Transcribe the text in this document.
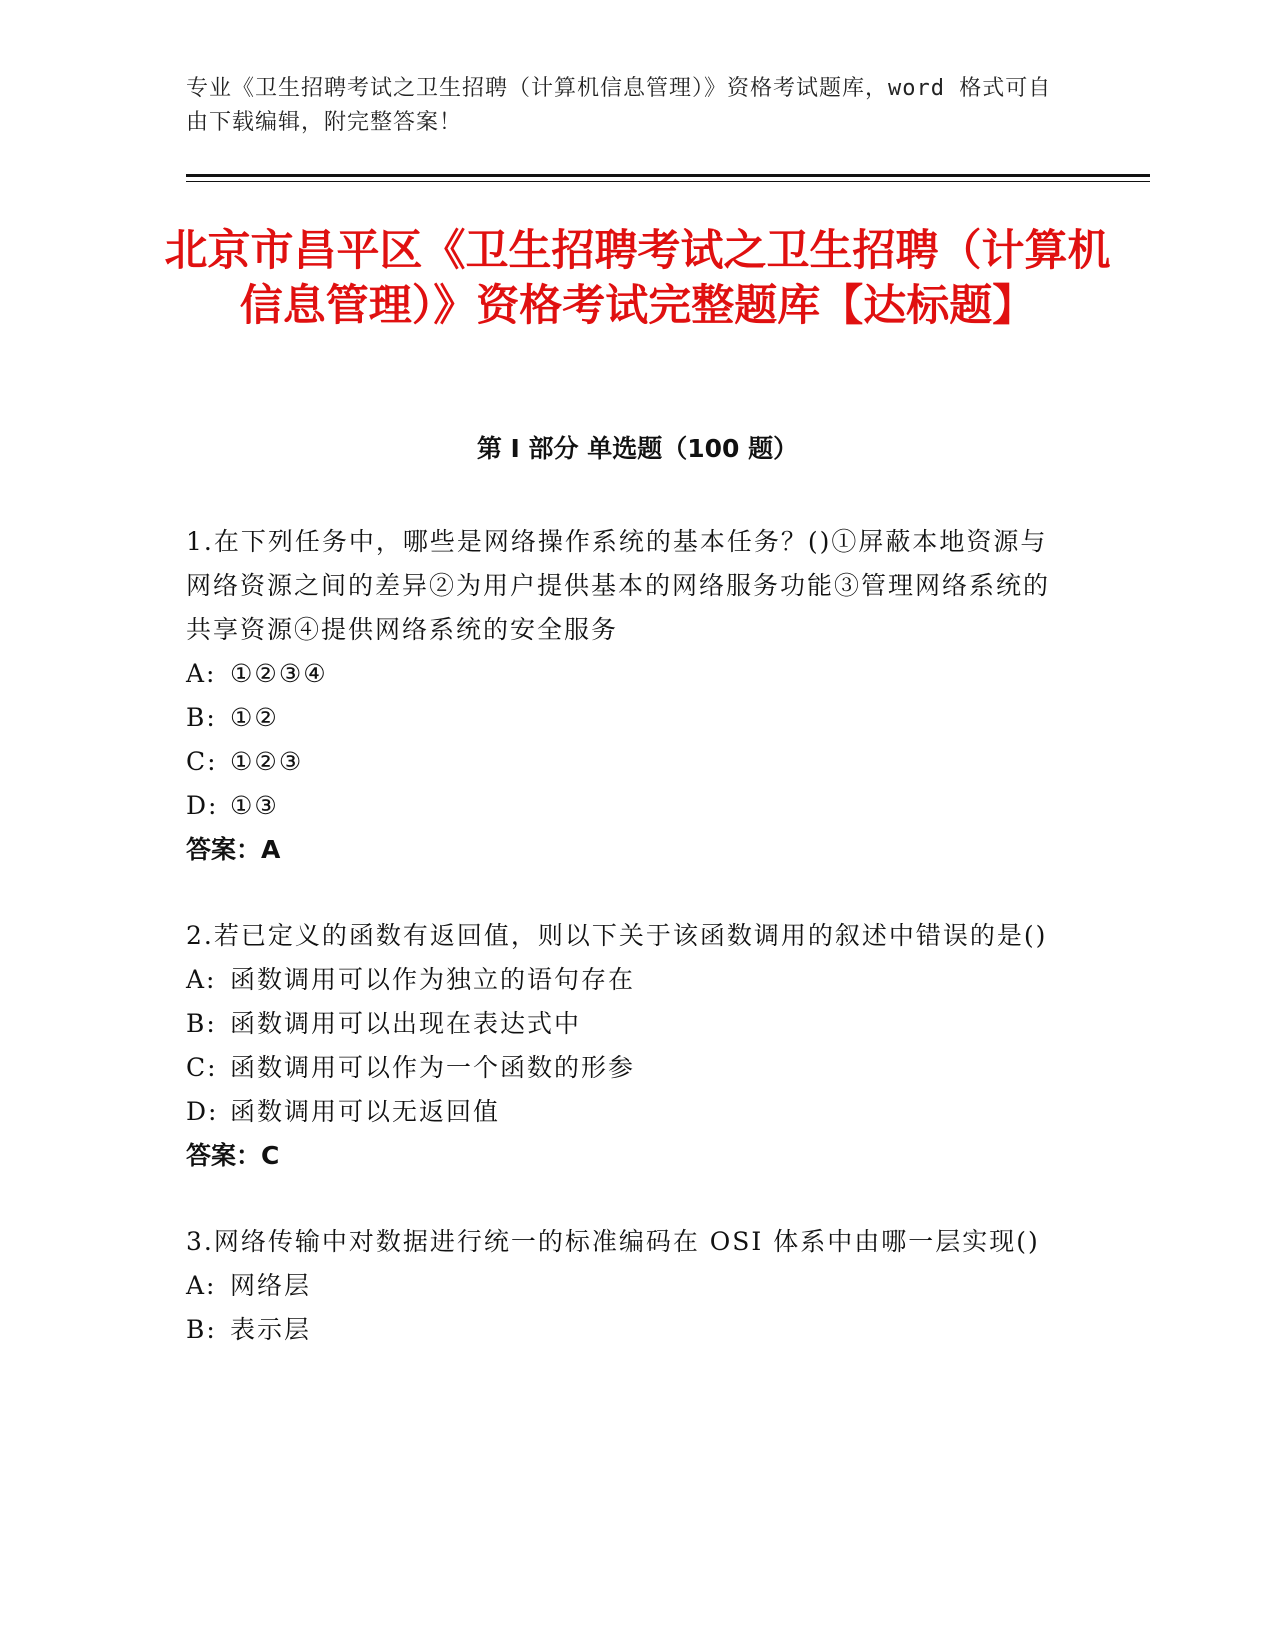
专业《卫生招聘考试之卫生招聘（计算机信息管理）》资格考试题库，word 格式可自由下载编辑，附完整答案！
北京市昌平区《卫生招聘考试之卫生招聘（计算机信息管理）》资格考试完整题库【达标题】
第 I 部分 单选题（100 题）
1.在下列任务中，哪些是网络操作系统的基本任务？()①屏蔽本地资源与网络资源之间的差异②为用户提供基本的网络服务功能③管理网络系统的共享资源④提供网络系统的安全服务
A: ①②③④
B: ①②
C: ①②③
D: ①③
答案：A
2.若已定义的函数有返回值，则以下关于该函数调用的叙述中错误的是()
A: 函数调用可以作为独立的语句存在
B: 函数调用可以出现在表达式中
C: 函数调用可以作为一个函数的形参
D: 函数调用可以无返回值
答案：C
3.网络传输中对数据进行统一的标准编码在 OSI 体系中由哪一层实现()
A: 网络层
B: 表示层
